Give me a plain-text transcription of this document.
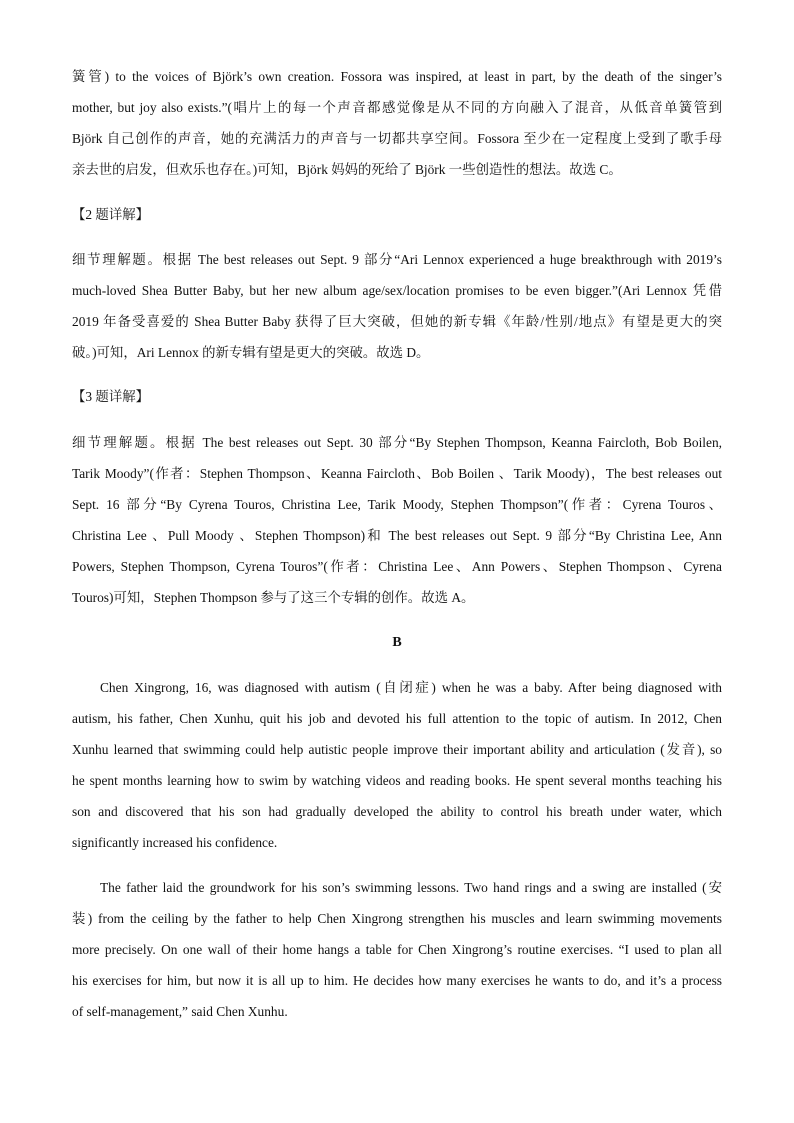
簧管) to the voices of Björk’s own creation. Fossora was inspired, at least in part, by the death of the singer’s
mother, but joy also exists.”(唱片上的每一个声音都感觉像是从不同的方向融入了混音，从低音单簧管到
Björk 自己创作的声音，她的充满活力的声音与一切都共享空间。Fossora 至少在一定程度上受到了歌手母
亲去世的启发，但欢乐也存在。)可知，Björk 妈妈的死给了 Björk 一些创造性的想法。故选 C。
【2 题详解】
细节理解题。根据 The best releases out Sept. 9 部分“Ari Lennox experienced a huge breakthrough with 2019’s
much-loved Shea Butter Baby, but her new album age/sex/location promises to be even bigger.”(Ari Lennox 凭借
2019 年备受喜爱的 Shea Butter Baby 获得了巨大突破，但她的新专辑《年龄/性别/地点》有望是更大的突
破。)可知，Ari Lennox 的新专辑有望是更大的突破。故选 D。
【3 题详解】
细节理解题。根据 The best releases out Sept. 30 部分“By Stephen Thompson, Keanna Faircloth, Bob Boilen,
Tarik Moody”(作者：Stephen Thompson、Keanna Faircloth、Bob Boilen 、Tarik Moody)，The best releases out
Sept. 16 部分“By Cyrena Touros, Christina Lee, Tarik Moody, Stephen Thompson”(作者：Cyrena Touros、
Christina Lee 、Pull Moody 、Stephen Thompson)和 The best releases out Sept. 9 部分“By Christina Lee, Ann
Powers, Stephen Thompson, Cyrena Touros”(作者：Christina Lee、Ann Powers、Stephen Thompson、Cyrena
Touros)可知，Stephen Thompson 参与了这三个专辑的创作。故选 A。
B
Chen Xingrong, 16, was diagnosed with autism (自闭症) when he was a baby. After being diagnosed with
autism, his father, Chen Xunhu, quit his job and devoted his full attention to the topic of autism. In 2012, Chen
Xunhu learned that swimming could help autistic people improve their important ability and articulation (发音), so
he spent months learning how to swim by watching videos and reading books. He spent several months teaching his
son and discovered that his son had gradually developed the ability to control his breath under water, which
significantly increased his confidence.
The father laid the groundwork for his son’s swimming lessons. Two hand rings and a swing are installed (安
装) from the ceiling by the father to help Chen Xingrong strengthen his muscles and learn swimming movements
more precisely. On one wall of their home hangs a table for Chen Xingrong’s routine exercises. “I used to plan all
his exercises for him, but now it is all up to him. He decides how many exercises he wants to do, and it’s a process
of self-management,” said Chen Xunhu.
